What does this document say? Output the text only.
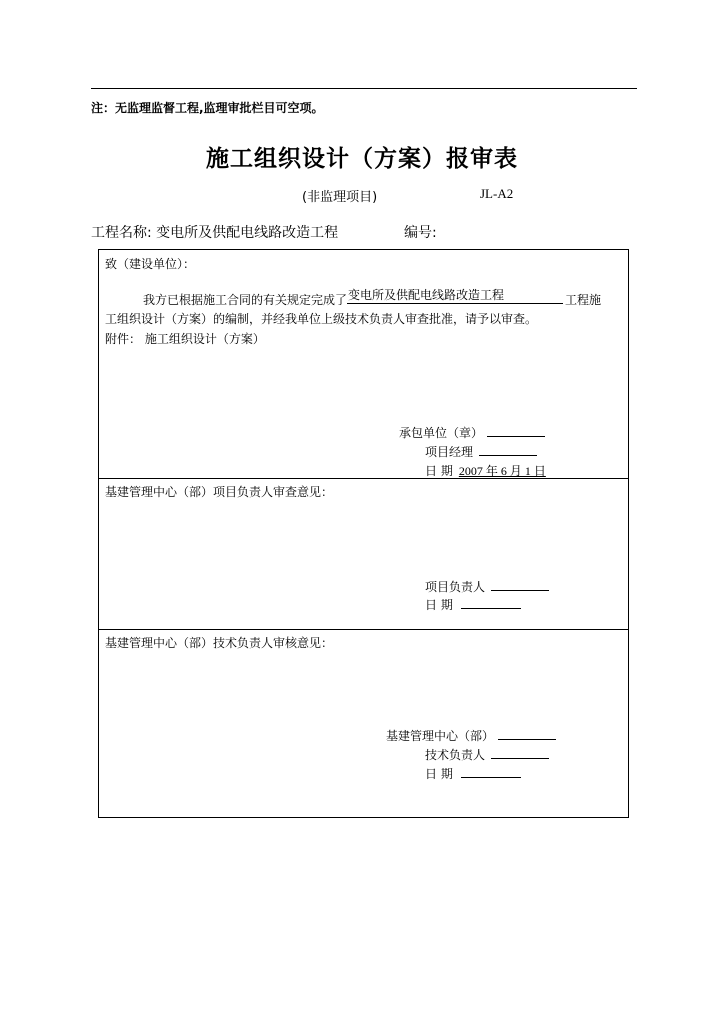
注：无监理监督工程,监理审批栏目可空项。
施工组织设计（方案）报审表
(非监理项目)	JL-A2
工程名称: 变电所及供配电线路改造工程	编号:
致（建设单位）：
我方已根据施工合同的有关规定完成了 变电所及供配电线路改造工程	工程施
工组织设计（方案）的编制，并经我单位上级技术负责人审查批准，请予以审查。
附件： 施工组织设计（方案）
承包单位（章）
项目经理
日 期 2007 年 6 月 1 日
基建管理中心（部）项目负责人审查意见：
项目负责人
日 期
基建管理中心（部）技术负责人审核意见：
基建管理中心（部）
技术负责人
日 期
